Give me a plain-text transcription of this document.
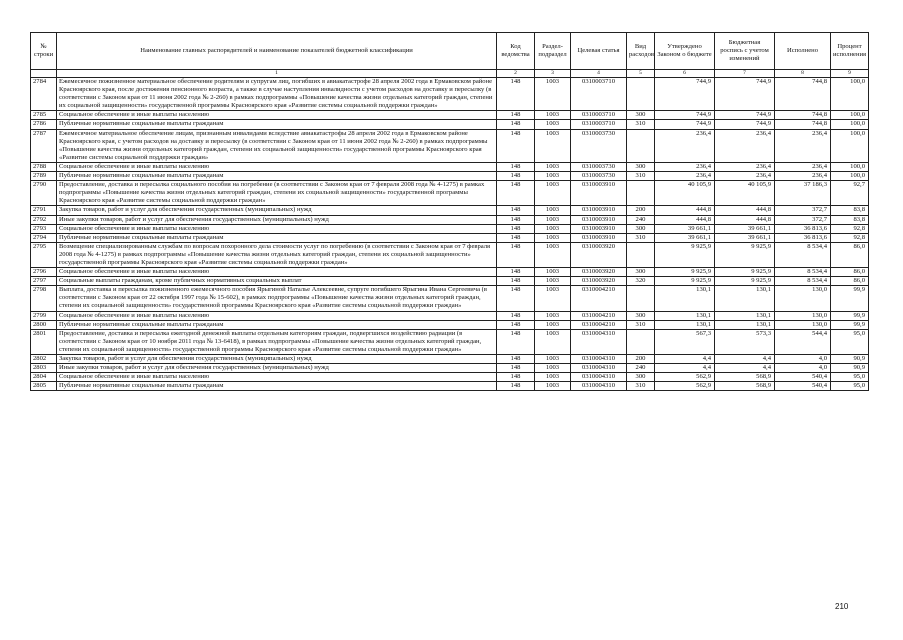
№ строки	Наименование главных распорядителей и наименование показателей бюджетной классификации	Код ведомства	Раздел-подраздел	Целевая статья	Вид расходов	Утверждено Законом о бюджете	Бюджетная роспись с учетом изменений	Исполнено	Процент исполнения
	1	2	3	4	5	6	7	8	9
2784	Ежемесячное пожизненное материальное обеспечение родителям и супругам лиц, погибших в авиакатастрофе 28 апреля 2002 года в Ермаковском районе Красноярского края, после достижения пенсионного возраста, а также в случае наступления инвалидности с учетом расходов на доставку и пересылку (в соответствии с Законом края от 11 июня 2002 года № 2-260) в рамках подпрограммы «Повышение качества жизни отдельных категорий граждан, степени их социальной защищенности» государственной программы Красноярского края «Развитие системы социальной поддержки граждан»	148	1003	0310003710		744,9	744,9	744,8	100,0
2785	Социальное обеспечение и иные выплаты населению	148	1003	0310003710	300	744,9	744,9	744,8	100,0
2786	Публичные нормативные социальные выплаты гражданам	148	1003	0310003710	310	744,9	744,9	744,8	100,0
2787	Ежемесячное материальное обеспечение лицам, признанным инвалидами вследствие авиакатастрофы 28 апреля 2002 года в Ермаковском районе Красноярского края, с учетом расходов на доставку и пересылку (в соответствии с Законом края от 11 июня 2002 года № 2-260) в рамках подпрограммы «Повышение качества жизни отдельных категорий граждан, степени их социальной защищенности» государственной программы Красноярского края «Развитие системы социальной поддержки граждан»	148	1003	0310003730		236,4	236,4	236,4	100,0
2788	Социальное обеспечение и иные выплаты населению	148	1003	0310003730	300	236,4	236,4	236,4	100,0
2789	Публичные нормативные социальные выплаты гражданам	148	1003	0310003730	310	236,4	236,4	236,4	100,0
2790	Предоставление, доставка и пересылка социального пособия на погребение (в соответствии с Законом края от 7 февраля 2008 года № 4-1275) в рамках подпрограммы «Повышение качества жизни отдельных категорий граждан, степени их социальной защищенности» государственной программы Красноярского края «Развитие системы социальной поддержки граждан»	148	1003	0310003910		40 105,9	40 105,9	37 186,3	92,7
2791	Закупка товаров, работ и услуг для обеспечения государственных (муниципальных) нужд	148	1003	0310003910	200	444,8	444,8	372,7	83,8
2792	Иные закупки товаров, работ и услуг для обеспечения государственных (муниципальных) нужд	148	1003	0310003910	240	444,8	444,8	372,7	83,8
2793	Социальное обеспечение и иные выплаты населению	148	1003	0310003910	300	39 661,1	39 661,1	36 813,6	92,8
2794	Публичные нормативные социальные выплаты гражданам	148	1003	0310003910	310	39 661,1	39 661,1	36 813,6	92,8
2795	Возмещение специализированным службам по вопросам похоронного дела стоимости услуг по погребению (в соответствии с Законом края от 7 февраля 2008 года № 4-1275) в рамках подпрограммы «Повышение качества жизни отдельных категорий граждан, степени их социальной защищенности» государственной программы Красноярского края «Развитие системы социальной поддержки граждан»	148	1003	0310003920		9 925,9	9 925,9	8 534,4	86,0
2796	Социальное обеспечение и иные выплаты населению	148	1003	0310003920	300	9 925,9	9 925,9	8 534,4	86,0
2797	Социальные выплаты гражданам, кроме публичных нормативных социальных выплат	148	1003	0310003920	320	9 925,9	9 925,9	8 534,4	86,0
2798	Выплата, доставка и пересылка пожизненного ежемесячного пособия Ярыгиной Наталье Алексеевне, супруге погибшего Ярыгина Ивана Сергеевича (в соответствии с Законом края от 22 октября 1997 года № 15-602), в рамках подпрограммы «Повышение качества жизни отдельных категорий граждан, степени их социальной защищенности» государственной программы Красноярского края «Развитие системы социальной поддержки граждан»	148	1003	0310004210		130,1	130,1	130,0	99,9
2799	Социальное обеспечение и иные выплаты населению	148	1003	0310004210	300	130,1	130,1	130,0	99,9
2800	Публичные нормативные социальные выплаты гражданам	148	1003	0310004210	310	130,1	130,1	130,0	99,9
2801	Предоставление, доставка и пересылка ежегодной денежной выплаты отдельным категориям граждан, подвергшихся воздействию радиации (в соответствии с Законом края от 10 ноября 2011 года № 13-6418), в рамках подпрограммы «Повышение качества жизни отдельных категорий граждан, степени их социальной защищенности» государственной программы Красноярского края «Развитие системы социальной поддержки граждан»	148	1003	0310004310		567,3	573,3	544,4	95,0
2802	Закупка товаров, работ и услуг для обеспечения государственных (муниципальных) нужд	148	1003	0310004310	200	4,4	4,4	4,0	90,9
2803	Иные закупки товаров, работ и услуг для обеспечения государственных (муниципальных) нужд	148	1003	0310004310	240	4,4	4,4	4,0	90,9
2804	Социальное обеспечение и иные выплаты населению	148	1003	0310004310	300	562,9	568,9	540,4	95,0
2805	Публичные нормативные социальные выплаты гражданам	148	1003	0310004310	310	562,9	568,9	540,4	95,0
210
